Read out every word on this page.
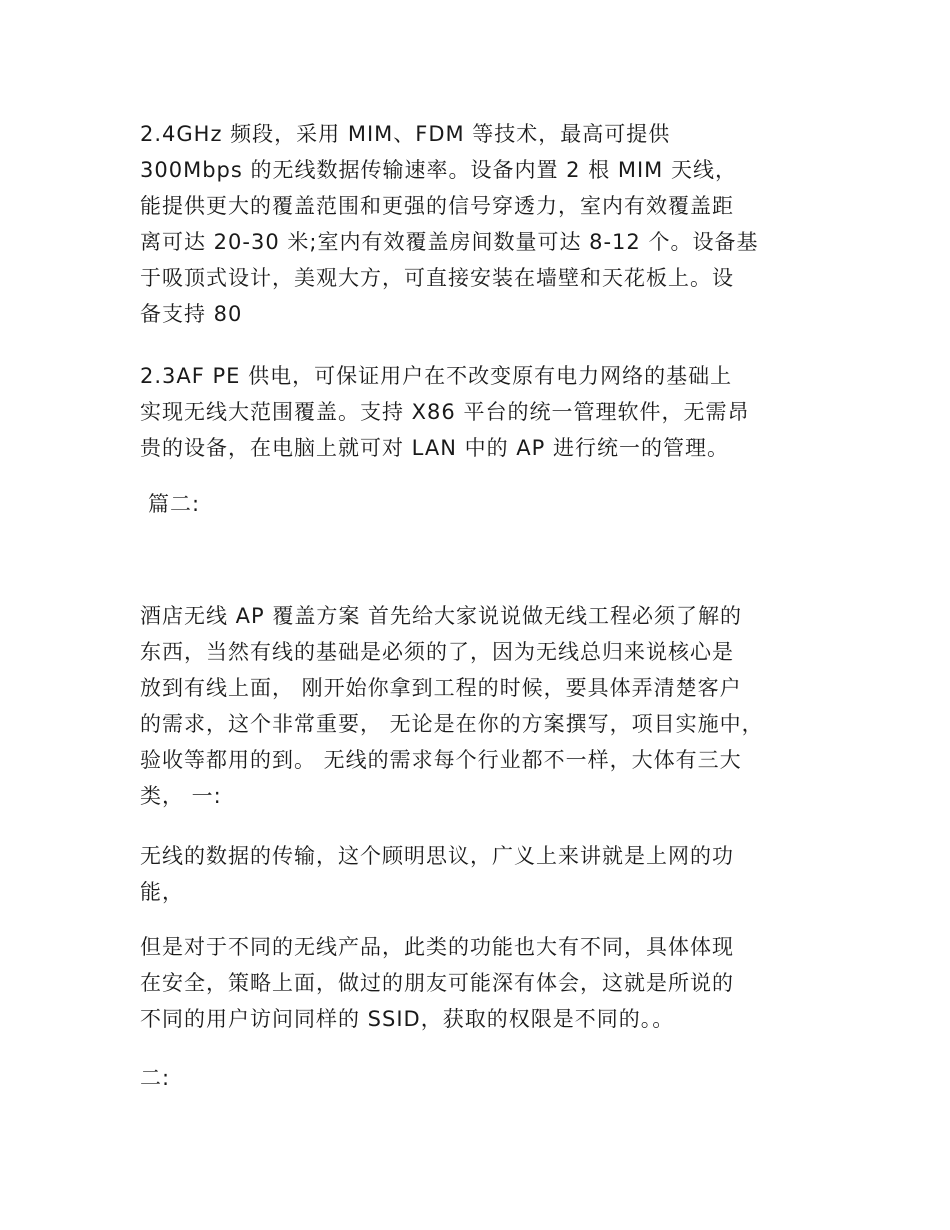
2.4GHz 频段，采用 MIM、FDM 等技术，最高可提供
300Mbps 的无线数据传输速率。设备内置 2 根 MIM 天线，
能提供更大的覆盖范围和更强的信号穿透力，室内有效覆盖距
离可达 20-30 米;室内有效覆盖房间数量可达 8-12 个。设备基
于吸顶式设计，美观大方，可直接安装在墙壁和天花板上。设
备支持 80
2.3AF PE 供电，可保证用户在不改变原有电力网络的基础上
实现无线大范围覆盖。支持 X86 平台的统一管理软件，无需昂
贵的设备，在电脑上就可对 LAN 中的 AP 进行统一的管理。
篇二:
酒店无线 AP 覆盖方案 首先给大家说说做无线工程必须了解的
东西，当然有线的基础是必须的了，因为无线总归来说核心是
放到有线上面， 刚开始你拿到工程的时候，要具体弄清楚客户
的需求，这个非常重要， 无论是在你的方案撰写，项目实施中，
验收等都用的到。 无线的需求每个行业都不一样，大体有三大
类， 一:
无线的数据的传输，这个顾明思议，广义上来讲就是上网的功
能，
但是对于不同的无线产品，此类的功能也大有不同，具体体现
在安全，策略上面，做过的朋友可能深有体会，这就是所说的
不同的用户访问同样的 SSID，获取的权限是不同的。。
二:
